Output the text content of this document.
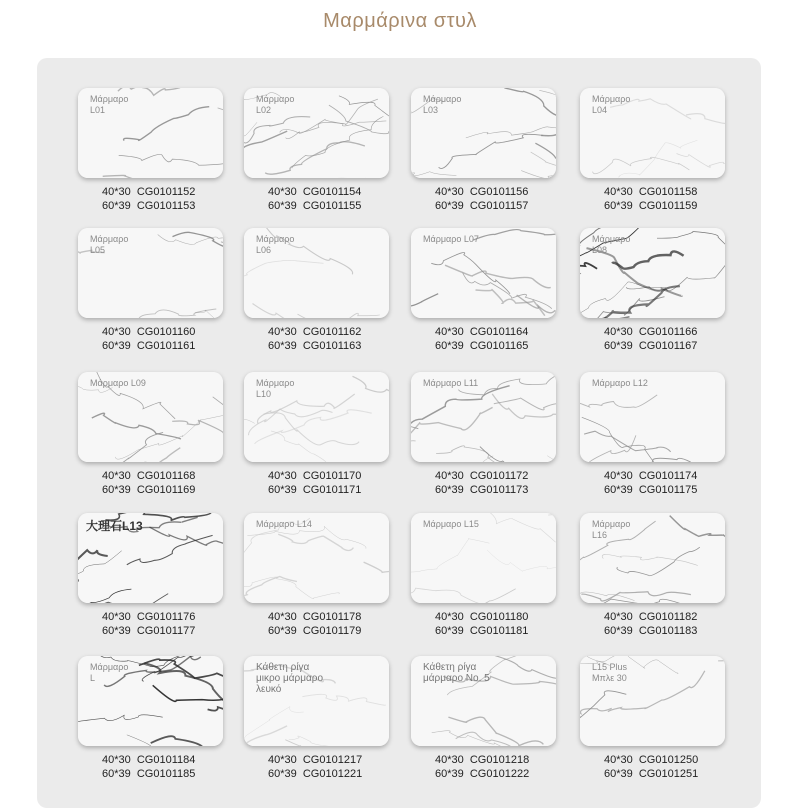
Μαρμάρινα στυλ
Μάρμαρο
L01
40*30  CG0101152
60*39  CG0101153
Μάρμαρο
L02
40*30  CG0101154
60*39  CG0101155
Μάρμαρο
L03
40*30  CG0101156
60*39  CG0101157
Μάρμαρο
L04
40*30  CG0101158
60*39  CG0101159
Μάρμαρο
L05
40*30  CG0101160
60*39  CG0101161
Μάρμαρο
L06
40*30  CG0101162
60*39  CG0101163
Μάρμαρο L07
40*30  CG0101164
60*39  CG0101165
Μάρμαρο
L08
40*30  CG0101166
60*39  CG0101167
Μάρμαρο L09
40*30  CG0101168
60*39  CG0101169
Μάρμαρο
L10
40*30  CG0101170
60*39  CG0101171
Μάρμαρο L11
40*30  CG0101172
60*39  CG0101173
Μάρμαρο L12
40*30  CG0101174
60*39  CG0101175
大理石L13
40*30  CG0101176
60*39  CG0101177
Μάρμαρο L14
40*30  CG0101178
60*39  CG0101179
Μάρμαρο L15
40*30  CG0101180
60*39  CG0101181
Μάρμαρο
L16
40*30  CG0101182
60*39  CG0101183
Μάρμαρο
L
40*30  CG0101184
60*39  CG0101185
Κάθετη ρίγα
μικρο μάρμαρο
λευκό
40*30  CG0101217
60*39  CG0101221
Κάθετη ρίγα
μάρμαρο No. 5
40*30  CG0101218
60*39  CG0101222
L15 Plus
Μπλε 30
40*30  CG0101250
60*39  CG0101251
